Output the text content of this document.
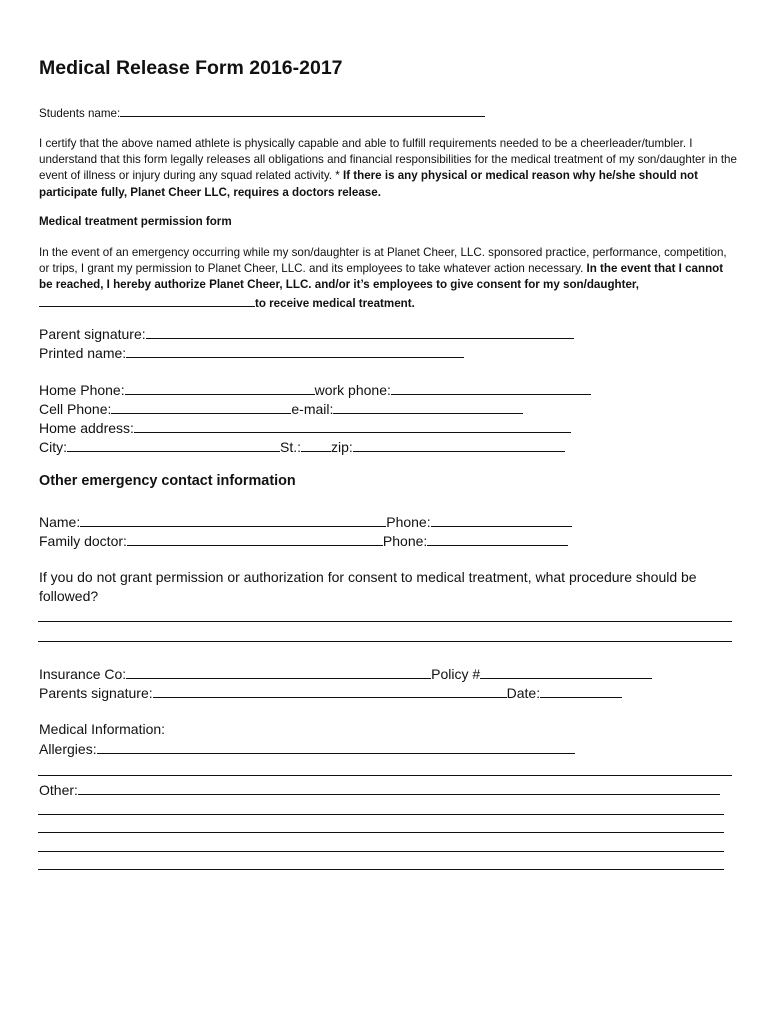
Medical Release Form 2016-2017
Students name:
I certify that the above named athlete is physically capable and able to fulfill requirements needed to be a cheerleader/tumbler. I understand that this form legally releases all obligations and financial responsibilities for the medical treatment of my son/daughter in the event of illness or injury during any squad related activity. * If there is any physical or medical reason why he/she should not participate fully, Planet Cheer LLC, requires a doctors release.
Medical treatment permission form
In the event of an emergency occurring while my son/daughter is at Planet Cheer, LLC. sponsored practice, performance, competition, or trips, I grant my permission to Planet Cheer, LLC. and its employees to take whatever action necessary. In the event that I cannot be reached, I hereby authorize Planet Cheer, LLC. and/or it’s employees to give consent for my son/daughter,to receive medical treatment.
Parent signature:
Printed name:
Home Phone:	work phone:
Cell Phone:	e-mail:
Home address:
City:	St.: zip:
Other emergency contact information
Name:	Phone:
Family doctor:	Phone:
If you do not grant permission or authorization for consent to medical treatment, what procedure should be followed?
Insurance Co:	Policy #
Parents signature:	Date:
Medical Information:
Allergies:
Other:
